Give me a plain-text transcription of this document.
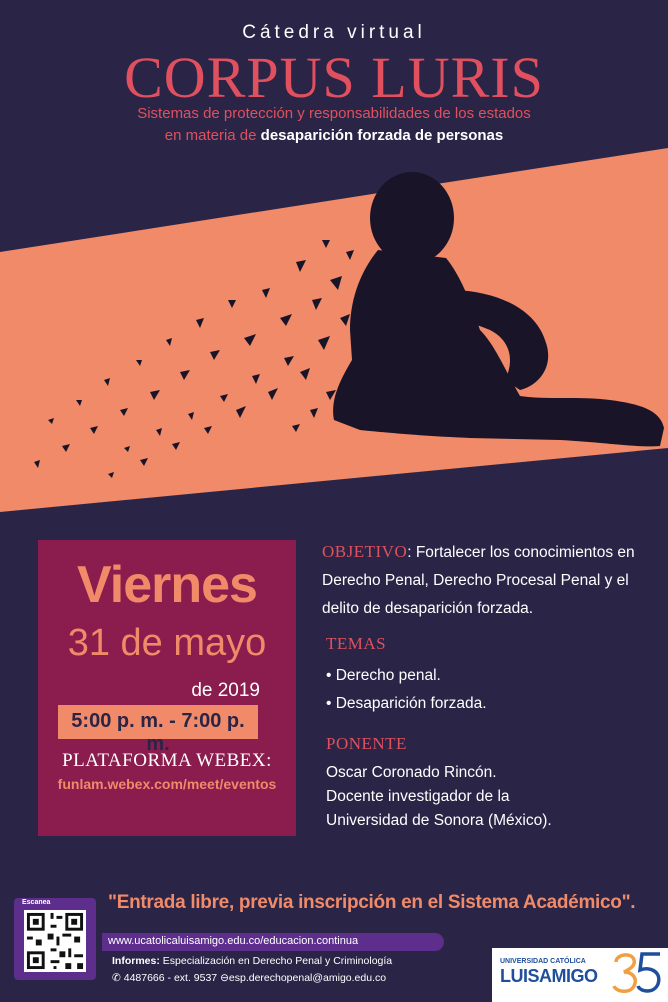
Cátedra virtual
CORPUS LURIS
Sistemas de protección y responsabilidades de los estados
en materia de desaparición forzada de personas
Viernes
31 de mayo
de 2019
5:00 p. m. - 7:00 p. m.
PLATAFORMA WEBEX:
funlam.webex.com/meet/eventos
OBJETIVO: Fortalecer los conocimientos en Derecho Penal, Derecho Procesal Penal y el delito de desaparición forzada.
TEMAS
• Derecho penal.
• Desaparición forzada.
PONENTE
Oscar Coronado Rincón.
Docente investigador de la
Universidad de Sonora (México).
Escanea	"Entrada libre, previa inscripción en el Sistema Académico".
www.ucatolicaluisamigo.edu.co/educacion.continua
Informes: Especialización en Derecho Penal y Criminología
✆ 4487666 - ext. 9537 ⊖esp.derechopenal@amigo.edu.co
UNIVERSIDAD CATÓLICA
LUISAMIGO
